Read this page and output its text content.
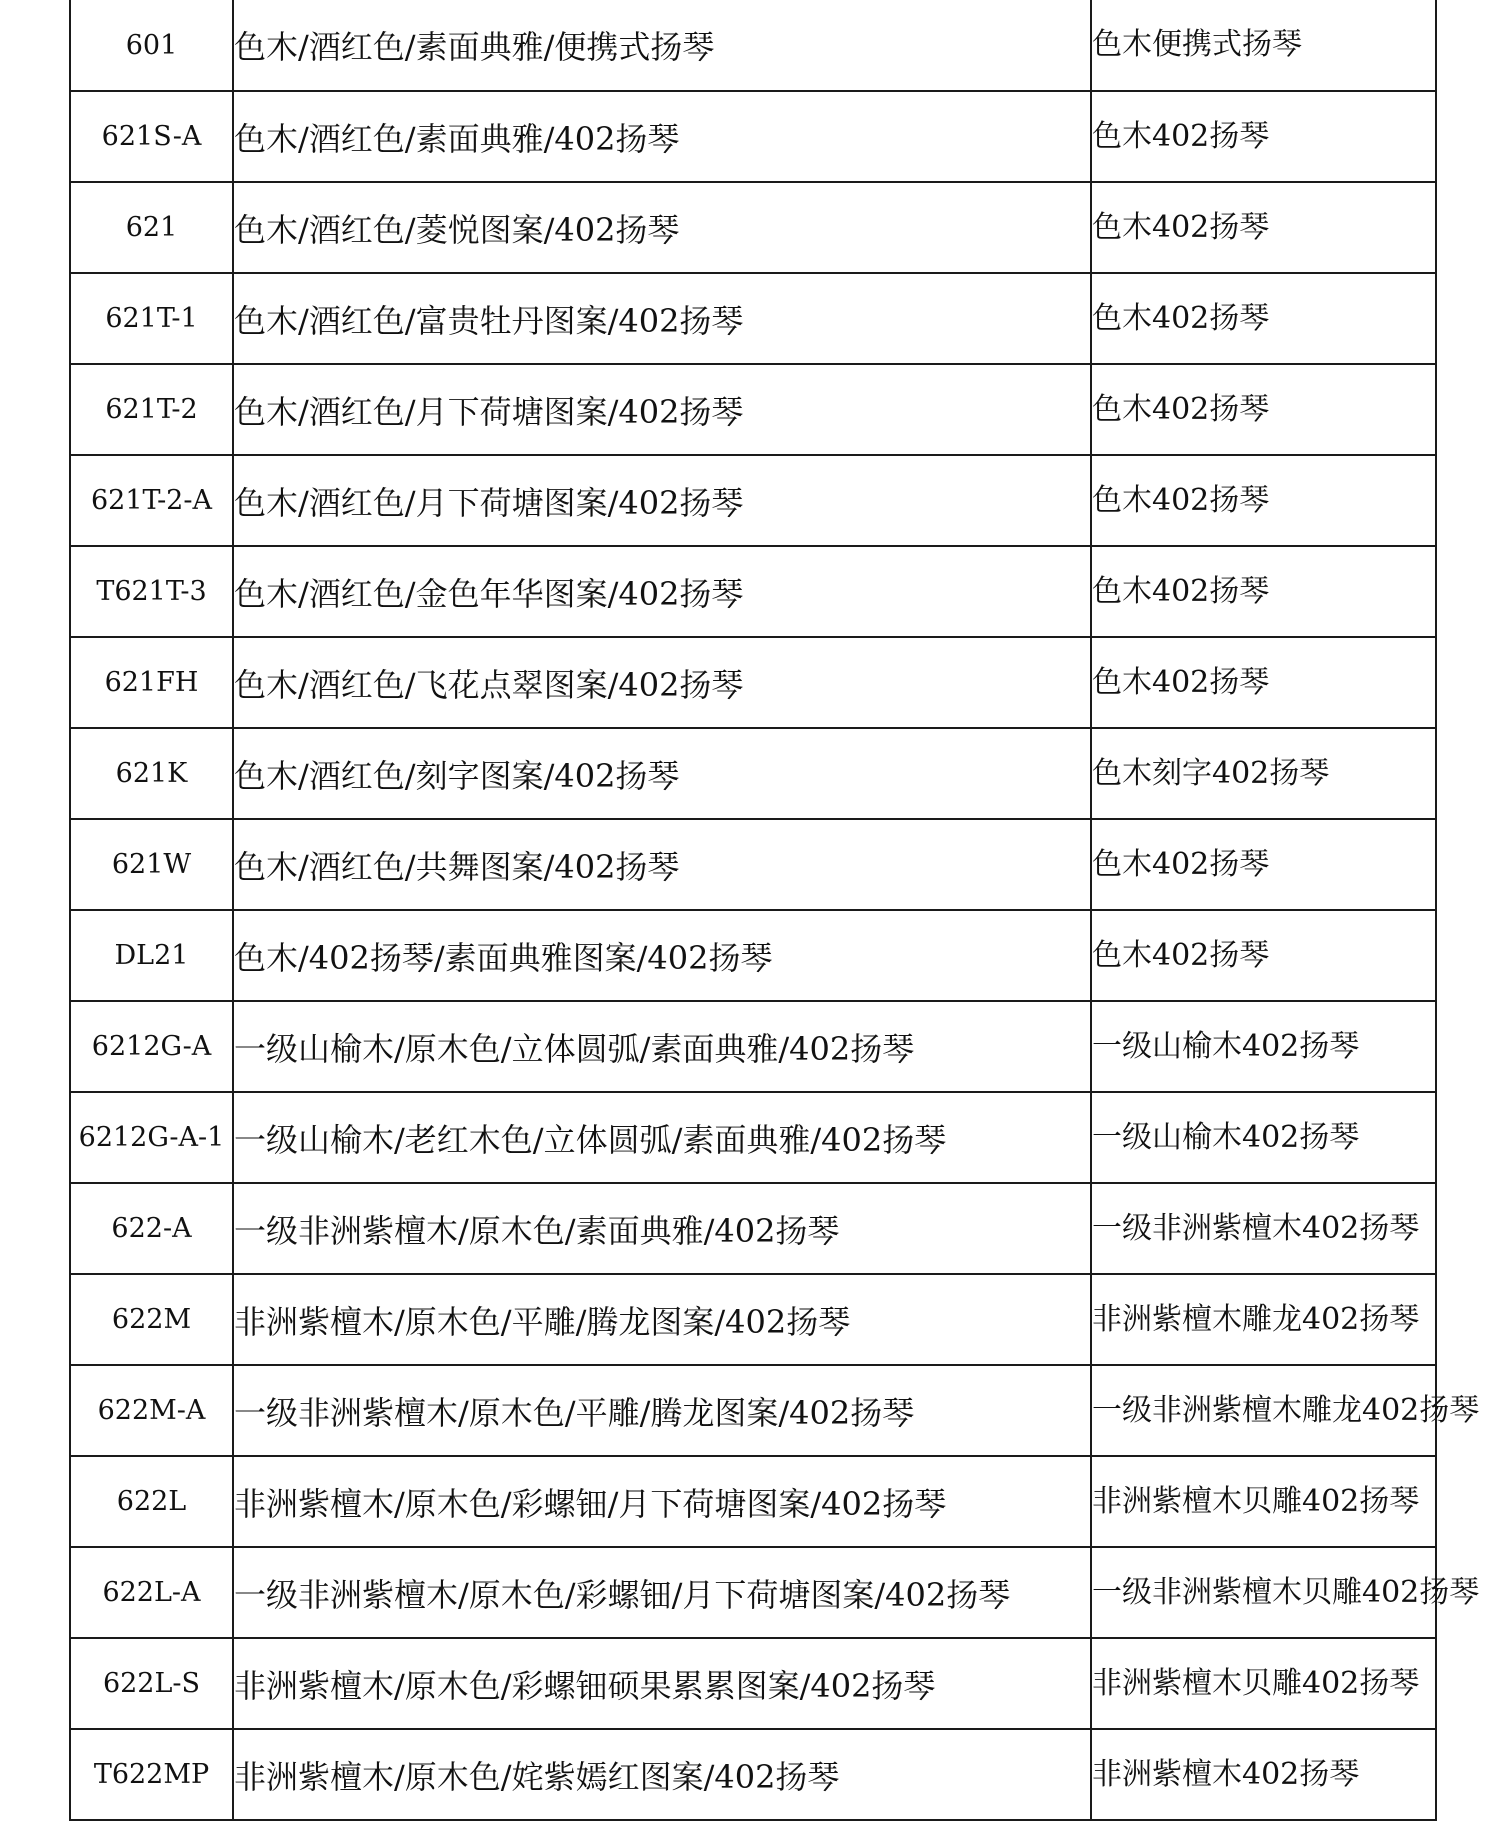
601	色木/酒红色/素面典雅/便携式扬琴	色木便携式扬琴
621S-A	色木/酒红色/素面典雅/402扬琴	色木402扬琴
621	色木/酒红色/菱悦图案/402扬琴	色木402扬琴
621T-1	色木/酒红色/富贵牡丹图案/402扬琴	色木402扬琴
621T-2	色木/酒红色/月下荷塘图案/402扬琴	色木402扬琴
621T-2-A	色木/酒红色/月下荷塘图案/402扬琴	色木402扬琴
T621T-3	色木/酒红色/金色年华图案/402扬琴	色木402扬琴
621FH	色木/酒红色/飞花点翠图案/402扬琴	色木402扬琴
621K	色木/酒红色/刻字图案/402扬琴	色木刻字402扬琴
621W	色木/酒红色/共舞图案/402扬琴	色木402扬琴
DL21	色木/402扬琴/素面典雅图案/402扬琴	色木402扬琴
6212G-A	一级山榆木/原木色/立体圆弧/素面典雅/402扬琴	一级山榆木402扬琴
6212G-A-1	一级山榆木/老红木色/立体圆弧/素面典雅/402扬琴	一级山榆木402扬琴
622-A	一级非洲紫檀木/原木色/素面典雅/402扬琴	一级非洲紫檀木402扬琴
622M	非洲紫檀木/原木色/平雕/腾龙图案/402扬琴	非洲紫檀木雕龙402扬琴
622M-A	一级非洲紫檀木/原木色/平雕/腾龙图案/402扬琴	一级非洲紫檀木雕龙402扬琴
622L	非洲紫檀木/原木色/彩螺钿/月下荷塘图案/402扬琴	非洲紫檀木贝雕402扬琴
622L-A	一级非洲紫檀木/原木色/彩螺钿/月下荷塘图案/402扬琴	一级非洲紫檀木贝雕402扬琴
622L-S	非洲紫檀木/原木色/彩螺钿硕果累累图案/402扬琴	非洲紫檀木贝雕402扬琴
T622MP	非洲紫檀木/原木色/姹紫嫣红图案/402扬琴	非洲紫檀木402扬琴
